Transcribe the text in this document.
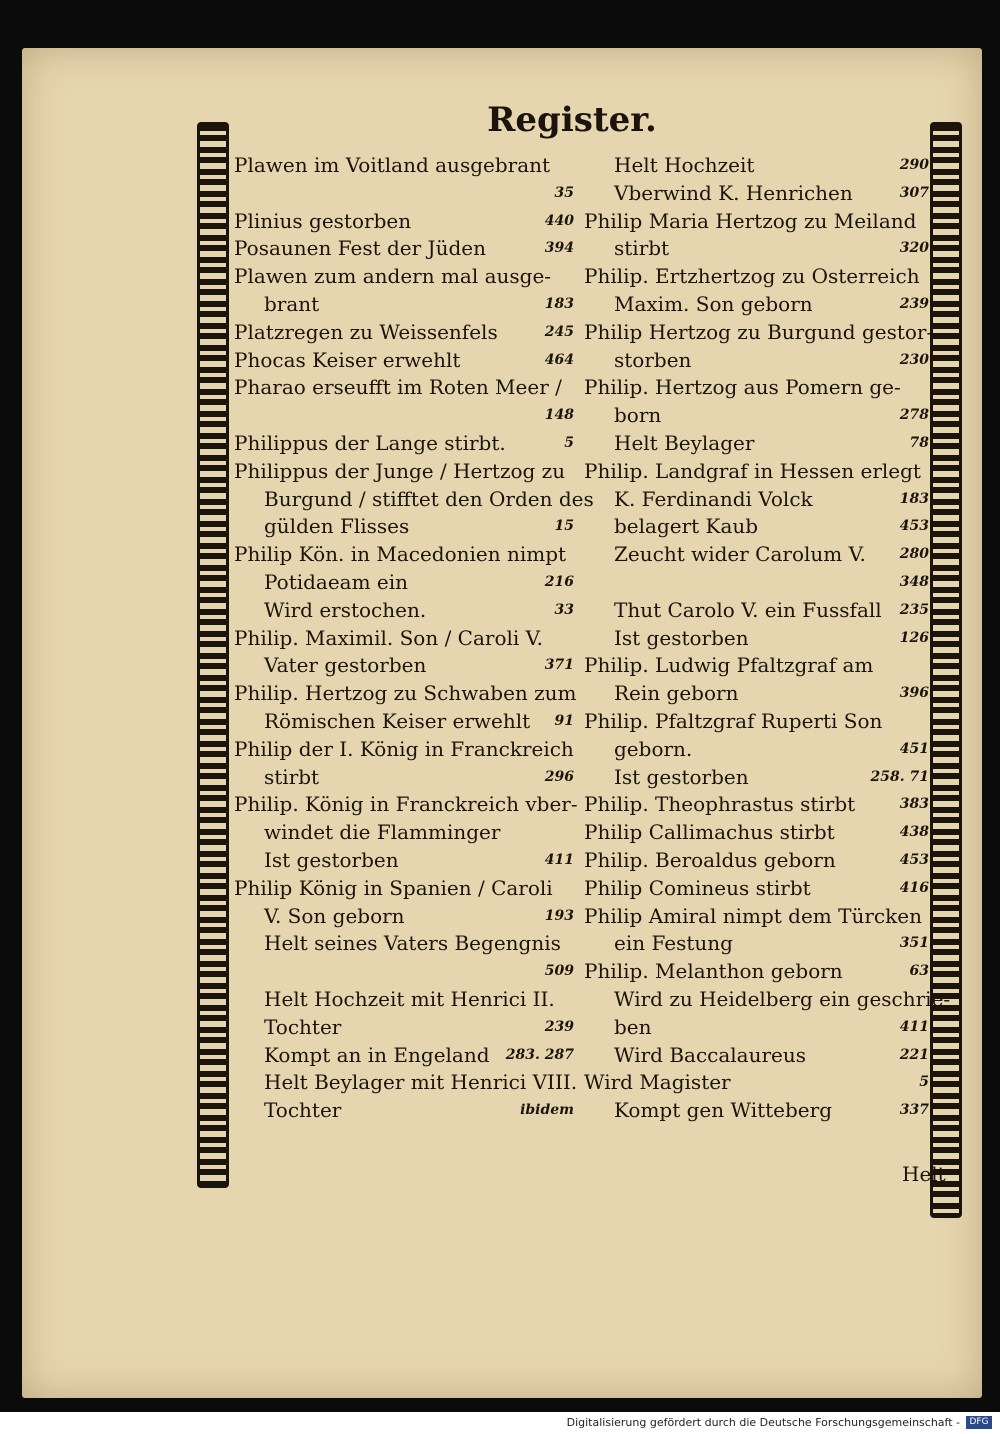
Register.
Plawen im Voitland ausgebrant
35
Plinius gestorben	440
Posaunen Fest der Jüden	394
Plawen zum andern mal ausge-
brant	183
Platzregen zu Weissenfels	245
Phocas Keiser erwehlt	464
Pharao erseufft im Roten Meer /
148
Philippus der Lange stirbt.	5
Philippus der Junge / Hertzog zu
Burgund / stifftet den Orden des
gülden Flisses	15
Philip Kön. in Macedonien nimpt
Potidaeam ein	216
Wird erstochen.	33
Philip. Maximil. Son / Caroli V.
Vater gestorben	371
Philip. Hertzog zu Schwaben zum
Römischen Keiser erwehlt 91
Philip der I. König in Franckreich
stirbt	296
Philip. König in Franckreich vber-
windet die Flamminger
Ist gestorben	411
Philip König in Spanien / Caroli
V. Son geborn	193
Helt seines Vaters Begengnis
509
Helt Hochzeit mit Henrici II.
Tochter	239
Kompt an in Engeland 283. 287
Helt Beylager mit Henrici VIII.
Tochter	ibidem
Helt Hochzeit	290
Vberwind K. Henrichen	307
Philip Maria Hertzog zu Meiland
stirbt	320
Philip. Ertzhertzog zu Osterreich
Maxim. Son geborn	239
Philip Hertzog zu Burgund gestor-
storben	230
Philip. Hertzog aus Pomern ge-
born	278
Helt Beylager	78
Philip. Landgraf in Hessen erlegt
K. Ferdinandi Volck	183
belagert Kaub	453
Zeucht wider Carolum V. 280
348
Thut Carolo V. ein Fussfall 235
Ist gestorben	126
Philip. Ludwig Pfaltzgraf am
Rein geborn	396
Philip. Pfaltzgraf Ruperti Son
geborn.	451
Ist gestorben	258. 71
Philip. Theophrastus stirbt	383
Philip Callimachus stirbt	438
Philip. Beroaldus geborn	453
Philip Comineus stirbt	416
Philip Amiral nimpt dem Türcken
ein Festung	351
Philip. Melanthon geborn	63
Wird zu Heidelberg ein geschrie-
ben	411
Wird Baccalaureus	221
Wird Magister	5
Kompt gen Witteberg	337
Helt
Digitalisierung gefördert durch die Deutsche Forschungsgemeinschaft -	DFG
